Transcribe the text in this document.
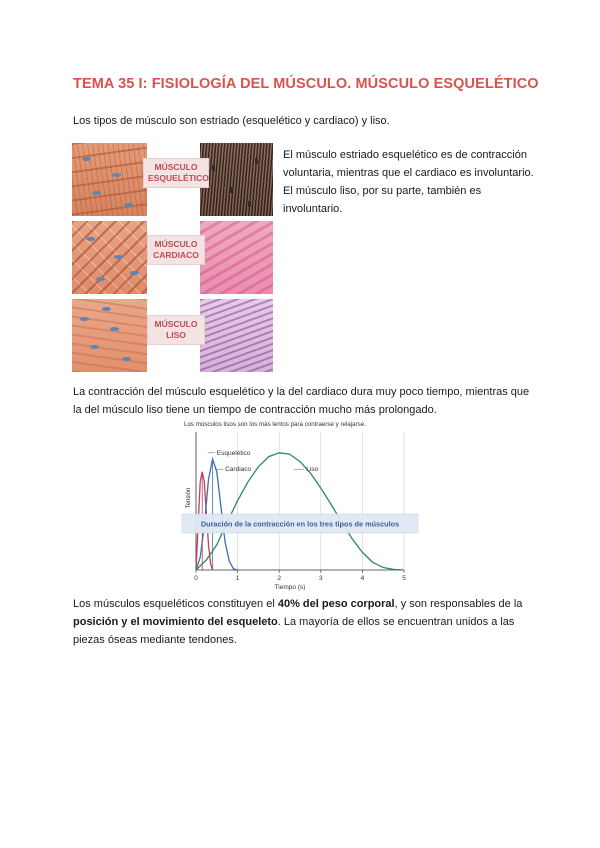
TEMA 35 I: FISIOLOGÍA DEL MÚSCULO. MÚSCULO ESQUELÉTICO
Los tipos de músculo son estriado (esquelético y cardiaco) y liso.
MÚSCULO
ESQUELÉTICO
MÚSCULO
CARDIACO
MÚSCULO
LISO
El músculo estriado esquelético es de contracción voluntaria, mientras que el cardiaco es involuntario. El músculo liso, por su parte, también es involuntario.
La contracción del músculo esquelético y la del cardiaco dura muy poco tiempo, mientras que la del músculo liso tiene un tiempo de contracción mucho más prolongado.
Los músculos lisos son los más lentos para contraerse y relajarse.
0	1	2	3	4	5
Tiempo (s)
Tensión
Esquelético
Cardiaco	Liso
Duración de la contracción en los tres tipos de músculos
Los músculos esqueléticos constituyen el 40% del peso corporal, y son responsables de la posición y el movimiento del esqueleto. La mayoría de ellos se encuentran unidos a las piezas óseas mediante tendones.
